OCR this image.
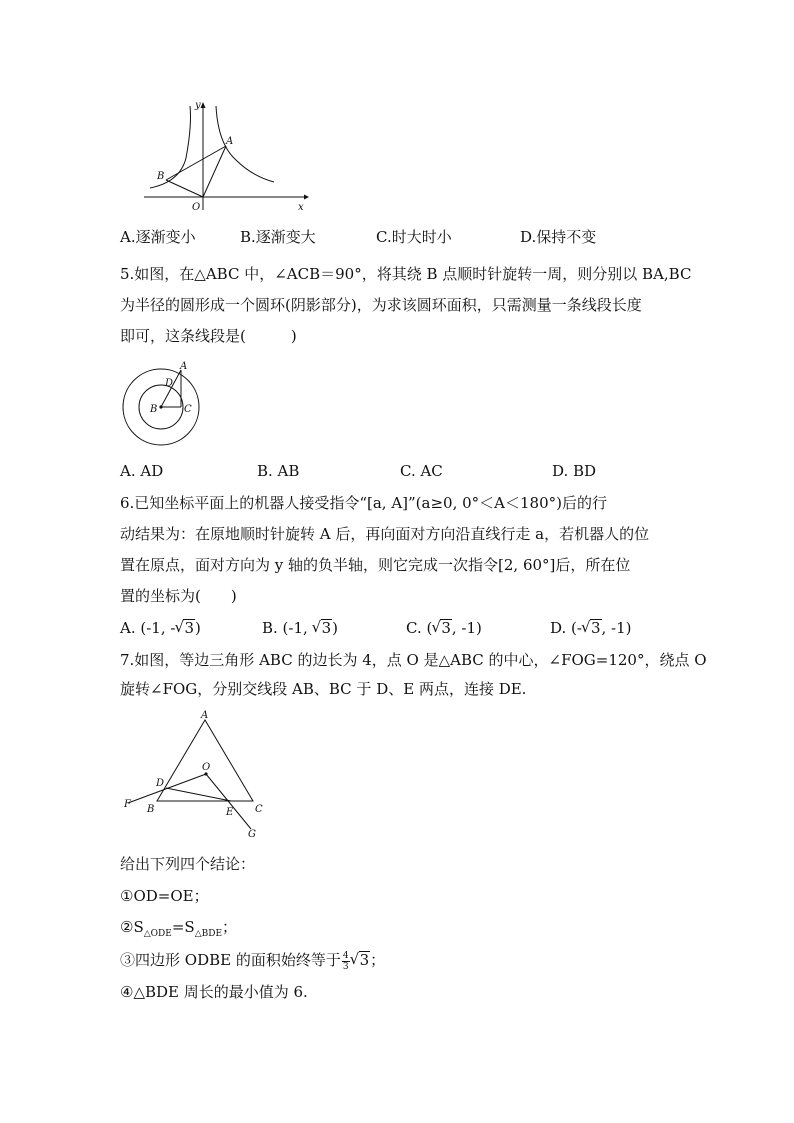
y
x
A
B
O
A.逐渐变小	B.逐渐变大	C.时大时小	D.保持不变
5.如图，在△ABC 中，∠ACB＝90°，将其绕 B 点顺时针旋转一周，则分别以 BA,BC
为半径的圆形成一个圆环(阴影部分)，为求该圆环面积，只需测量一条线段长度
即可，这条线段是(　　　)
A
D
B	C
A. AD	B. AB	C. AC	D. BD
6.已知坐标平面上的机器人接受指令“[a, A]”(a≥0, 0°＜A＜180°)后的行
动结果为：在原地顺时针旋转 A 后，再向面对方向沿直线行走 a，若机器人的位
置在原点，面对方向为 y 轴的负半轴，则它完成一次指令[2, 60°]后，所在位
置的坐标为(　　)
A. (-1, - √ 3)	B. (-1, √ 3)	C. ( √ 3, -1)	D. (- √ 3, -1)
7.如图，等边三角形 ABC 的边长为 4，点 O 是△ABC 的中心，∠FOG=120°，绕点 O
旋转∠FOG，分别交线段 AB、BC 于 D、E 两点，连接 DE.
A
O
D
F B	E C
G
给出下列四个结论：
①OD=OE；
$②S_{\triangle ODE}=S_{\triangle BDE}$；
③四边形 ODBE 的面积始终等于 $\frac{4}{3}$ √ 3；
④△BDE 周长的最小值为 6.
